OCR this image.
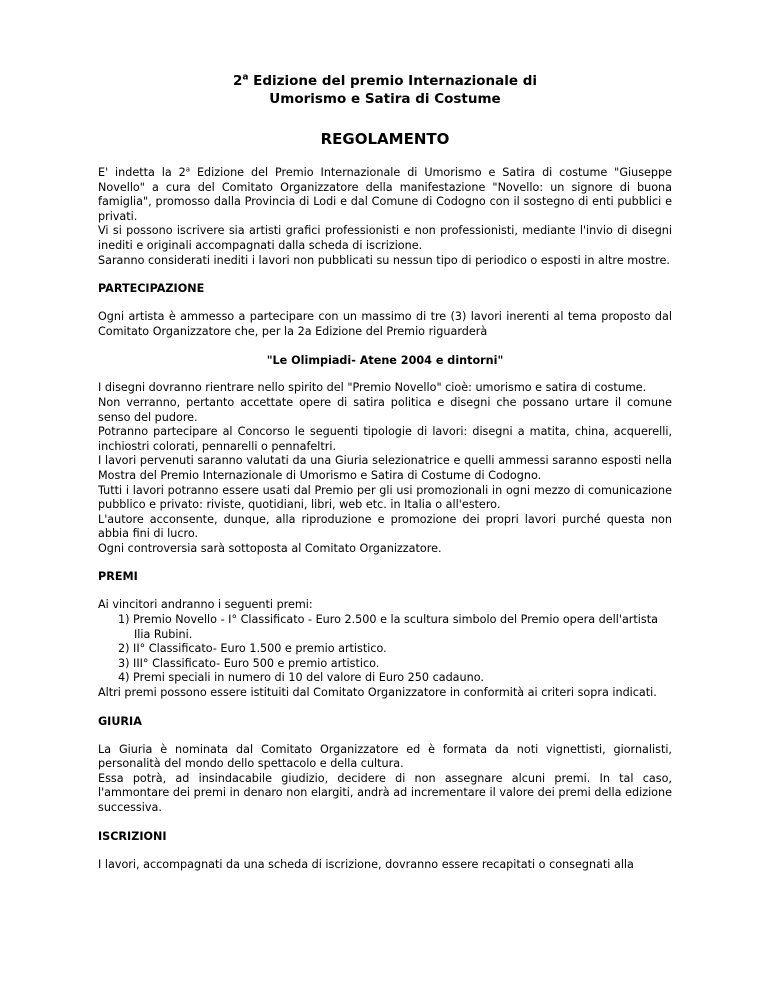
2$^a$ Edizione del premio Internazionale di
Umorismo e Satira di Costume
REGOLAMENTO

E' indetta la 2$^a$ Edizione del Premio Internazionale di Umorismo e Satira di costume "Giuseppe Novello" a cura del Comitato Organizzatore della manifestazione "Novello: un signore di buona famiglia", promosso dalla Provincia di Lodi e dal Comune di Codogno con il sostegno di enti pubblici e privati.

Vi si possono iscrivere sia artisti grafici professionisti e non professionisti, mediante l'invio di disegni inediti e originali accompagnati dalla scheda di iscrizione.

Saranno considerati inediti i lavori non pubblicati su nessun tipo di periodico o esposti in altre mostre.

PARTECIPAZIONE

Ogni artista è ammesso a partecipare con un massimo di tre (3) lavori inerenti al tema proposto dal Comitato Organizzatore che, per la 2a Edizione del Premio riguarderà

"Le Olimpiadi- Atene 2004 e dintorni"

I disegni dovranno rientrare nello spirito del "Premio Novello" cioè: umorismo e satira di costume.

Non verranno, pertanto accettate opere di satira politica e disegni che possano urtare il comune senso del pudore.

Potranno partecipare al Concorso le seguenti tipologie di lavori: disegni a matita, china, acquerelli, inchiostri colorati, pennarelli o pennafeltri.

I lavori pervenuti saranno valutati da una Giuria selezionatrice e quelli ammessi saranno esposti nella Mostra del Premio Internazionale di Umorismo e Satira di Costume di Codogno.

Tutti i lavori potranno essere usati dal Premio per gli usi promozionali in ogni mezzo di comunicazione pubblico e privato: riviste, quotidiani, libri, web etc. in Italia o all'estero.

L'autore acconsente, dunque, alla riproduzione e promozione dei propri lavori purché questa non abbia fini di lucro.

Ogni controversia sarà sottoposta al Comitato Organizzatore.

PREMI

Ai vincitori andranno i seguenti premi:

1) Premio Novello - I° Classificato - Euro 2.500 e la scultura simbolo del Premio opera dell'artista Ilia Rubini.
2) II° Classificato- Euro 1.500 e premio artistico.
3) III° Classificato- Euro 500 e premio artistico.
4) Premi speciali in numero di 10 del valore di Euro 250 cadauno.

Altri premi possono essere istituiti dal Comitato Organizzatore in conformità ai criteri sopra indicati.

GIURIA

La Giuria è nominata dal Comitato Organizzatore ed è formata da noti vignettisti, giornalisti, personalità del mondo dello spettacolo e della cultura.

Essa potrà, ad insindacabile giudizio, decidere di non assegnare alcuni premi. In tal caso, l'ammontare dei premi in denaro non elargiti, andrà ad incrementare il valore dei premi della edizione successiva.

ISCRIZIONI

I lavori, accompagnati da una scheda di iscrizione, dovranno essere recapitati o consegnati alla
